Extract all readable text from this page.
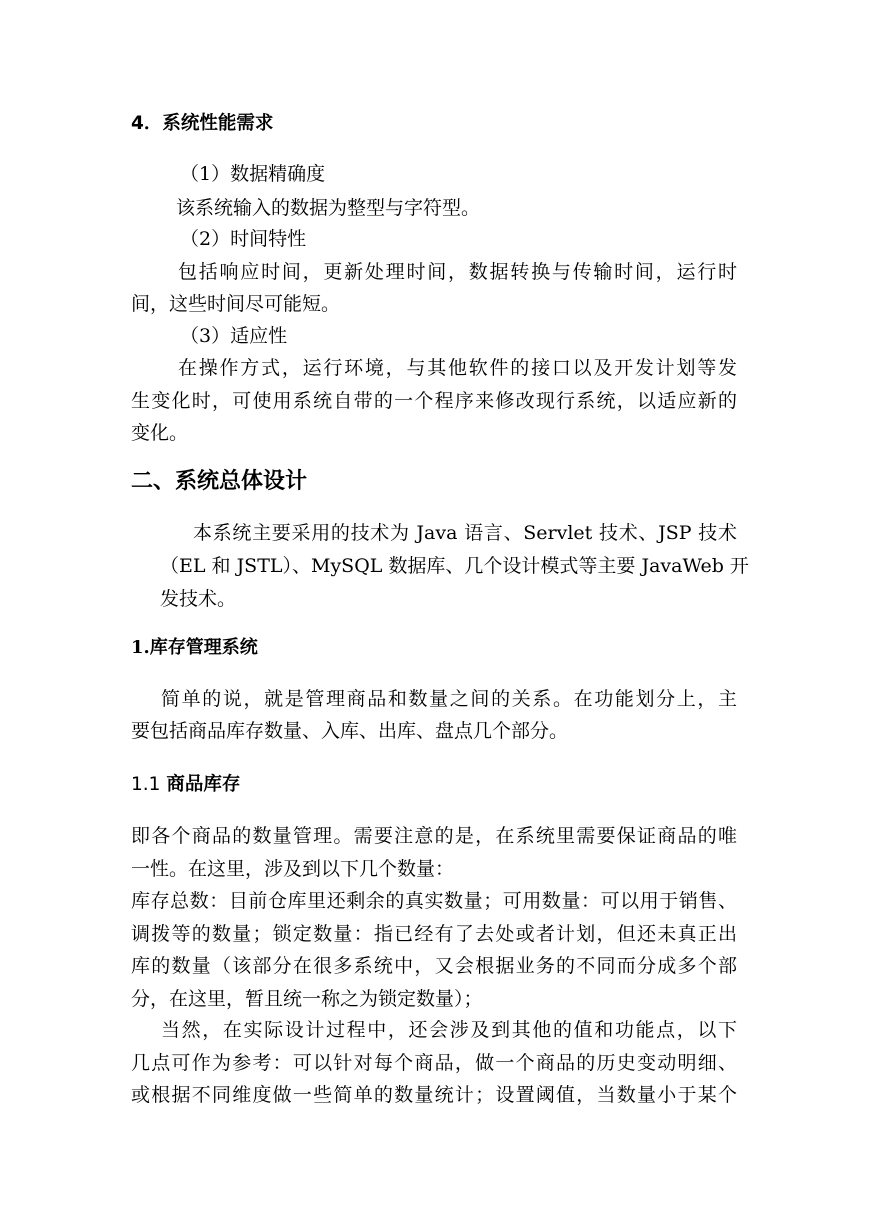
4．系统性能需求
（1）数据精确度
该系统输入的数据为整型与字符型。
（2）时间特性
包括响应时间，更新处理时间，数据转换与传输时间，运行时
间，这些时间尽可能短。
（3）适应性
在操作方式，运行环境，与其他软件的接口以及开发计划等发
生变化时，可使用系统自带的一个程序来修改现行系统，以适应新的
变化。
二、系统总体设计
本系统主要采用的技术为 Java 语言、Servlet 技术、JSP 技术
（EL 和 JSTL）、MySQL 数据库、几个设计模式等主要 JavaWeb 开
发技术。
1.库存管理系统
简单的说，就是管理商品和数量之间的关系。在功能划分上，主
要包括商品库存数量、入库、出库、盘点几个部分。
1.1 商品库存
即各个商品的数量管理。需要注意的是，在系统里需要保证商品的唯
一性。在这里，涉及到以下几个数量：
库存总数：目前仓库里还剩余的真实数量；可用数量：可以用于销售、
调拨等的数量；锁定数量：指已经有了去处或者计划，但还未真正出
库的数量（该部分在很多系统中，又会根据业务的不同而分成多个部
分，在这里，暂且统一称之为锁定数量）；
当然，在实际设计过程中，还会涉及到其他的值和功能点，以下
几点可作为参考：可以针对每个商品，做一个商品的历史变动明细、
或根据不同维度做一些简单的数量统计；设置阈值，当数量小于某个
